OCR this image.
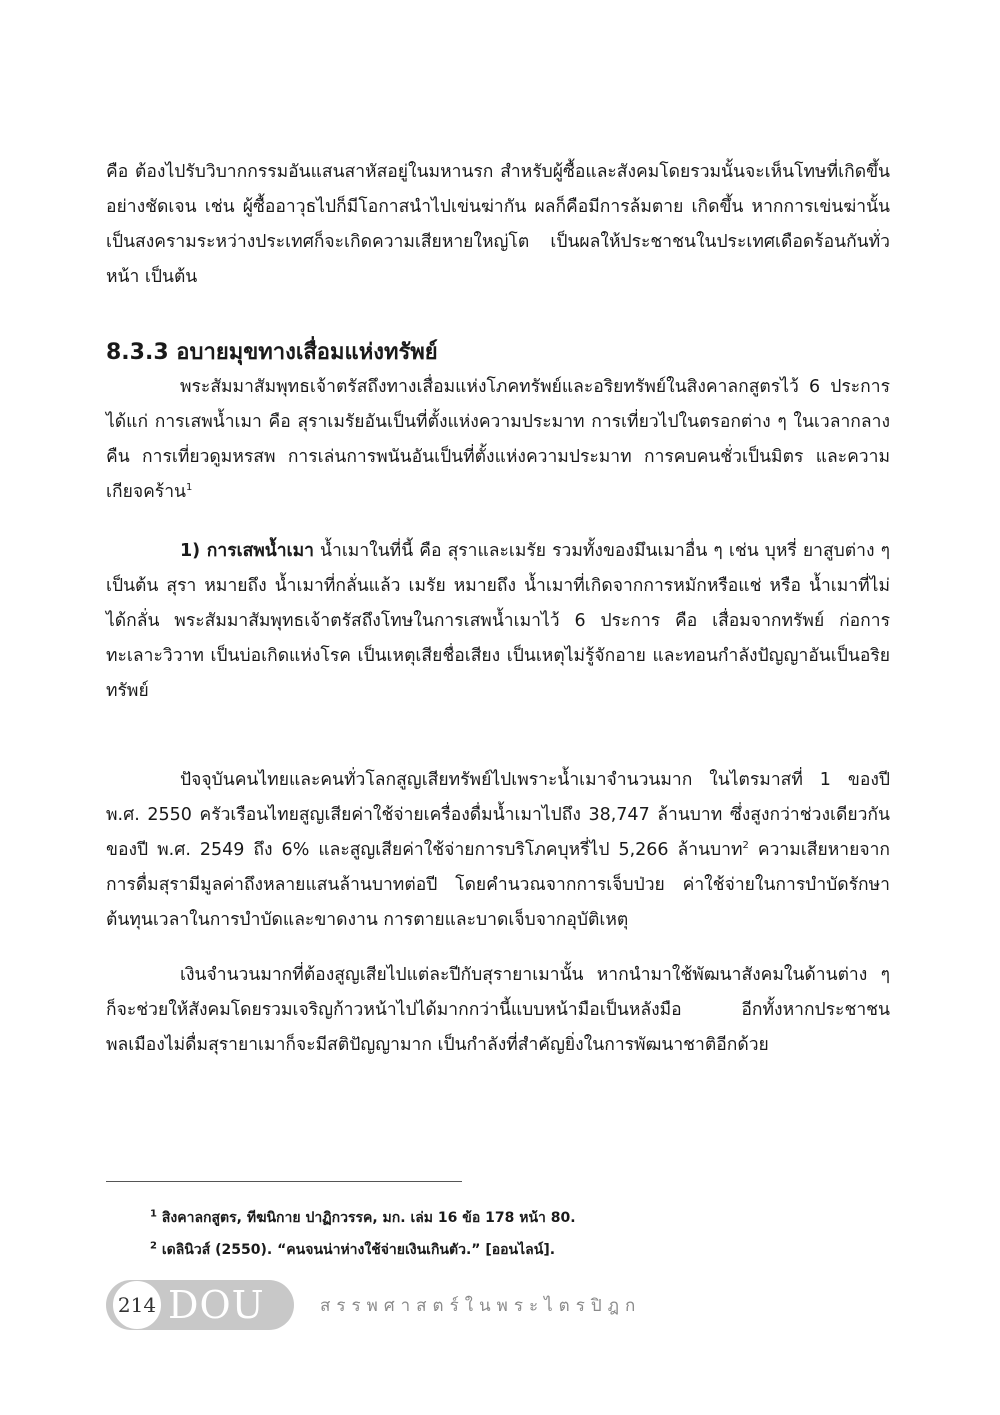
คือ ต้องไปรับวิบากกรรมอันแสนสาหัสอยู่ในมหานรก สำหรับผู้ซื้อและสังคมโดยรวมนั้นจะเห็นโทษที่เกิดขึ้นอย่างชัดเจน เช่น ผู้ซื้ออาวุธไปก็มีโอกาสนำไปเข่นฆ่ากัน ผลก็คือมีการล้มตาย เกิดขึ้น หากการเข่นฆ่านั้นเป็นสงครามระหว่างประเทศก็จะเกิดความเสียหายใหญ่โต เป็นผลให้ประชาชนในประเทศเดือดร้อนกันทั่วหน้า เป็นต้น

8.3.3 อบายมุขทางเสื่อมแห่งทรัพย์

พระสัมมาสัมพุทธเจ้าตรัสถึงทางเสื่อมแห่งโภคทรัพย์และอริยทรัพย์ในสิงคาลกสูตรไว้ 6 ประการ ได้แก่ การเสพน้ำเมา คือ สุราเมรัยอันเป็นที่ตั้งแห่งความประมาท การเที่ยวไปในตรอกต่าง ๆ ในเวลากลางคืน การเที่ยวดูมหรสพ การเล่นการพนันอันเป็นที่ตั้งแห่งความประมาท การคบคนชั่วเป็นมิตร และความเกียจคร้าน$^1$

1) การเสพน้ำเมา น้ำเมาในที่นี้ คือ สุราและเมรัย รวมทั้งของมึนเมาอื่น ๆ เช่น บุหรี่ ยาสูบต่าง ๆ เป็นต้น สุรา หมายถึง น้ำเมาที่กลั่นแล้ว เมรัย หมายถึง น้ำเมาที่เกิดจากการหมักหรือแช่ หรือ น้ำเมาที่ไม่ได้กลั่น พระสัมมาสัมพุทธเจ้าตรัสถึงโทษในการเสพน้ำเมาไว้ 6 ประการ คือ เสื่อมจากทรัพย์ ก่อการทะเลาะวิวาท เป็นบ่อเกิดแห่งโรค เป็นเหตุเสียชื่อเสียง เป็นเหตุไม่รู้จักอาย และทอนกำลังปัญญาอันเป็นอริยทรัพย์

ปัจจุบันคนไทยและคนทั่วโลกสูญเสียทรัพย์ไปเพราะน้ำเมาจำนวนมาก ในไตรมาสที่ 1 ของปี พ.ศ. 2550 ครัวเรือนไทยสูญเสียค่าใช้จ่ายเครื่องดื่มน้ำเมาไปถึง 38,747 ล้านบาท ซึ่งสูงกว่าช่วงเดียวกันของปี พ.ศ. 2549 ถึง 6% และสูญเสียค่าใช้จ่ายการบริโภคบุหรี่ไป 5,266 ล้านบาท$^2$ ความเสียหายจากการดื่มสุรามีมูลค่าถึงหลายแสนล้านบาทต่อปี โดยคำนวณจากการเจ็บป่วย ค่าใช้จ่ายในการบำบัดรักษา ต้นทุนเวลาในการบำบัดและขาดงาน การตายและบาดเจ็บจากอุบัติเหตุ

เงินจำนวนมากที่ต้องสูญเสียไปแต่ละปีกับสุรายาเมานั้น หากนำมาใช้พัฒนาสังคมในด้านต่าง ๆ ก็จะช่วยให้สังคมโดยรวมเจริญก้าวหน้าไปได้มากกว่านี้แบบหน้ามือเป็นหลังมือ อีกทั้งหากประชาชนพลเมืองไม่ดื่มสุรายาเมาก็จะมีสติปัญญามาก เป็นกำลังที่สำคัญยิ่งในการพัฒนาชาติอีกด้วย

$^1$ สิงคาลกสูตร, ทีฆนิกาย ปาฏิกวรรค, มก. เล่ม 16 ข้อ 178 หน้า 80.

$^2$ เดลินิวส์ (2550). “คนจนน่าห่างใช้จ่ายเงินเกินตัว.” [ออนไลน์].

214 DOU	สรรพศาสตร์ในพระไตรปิฎก
